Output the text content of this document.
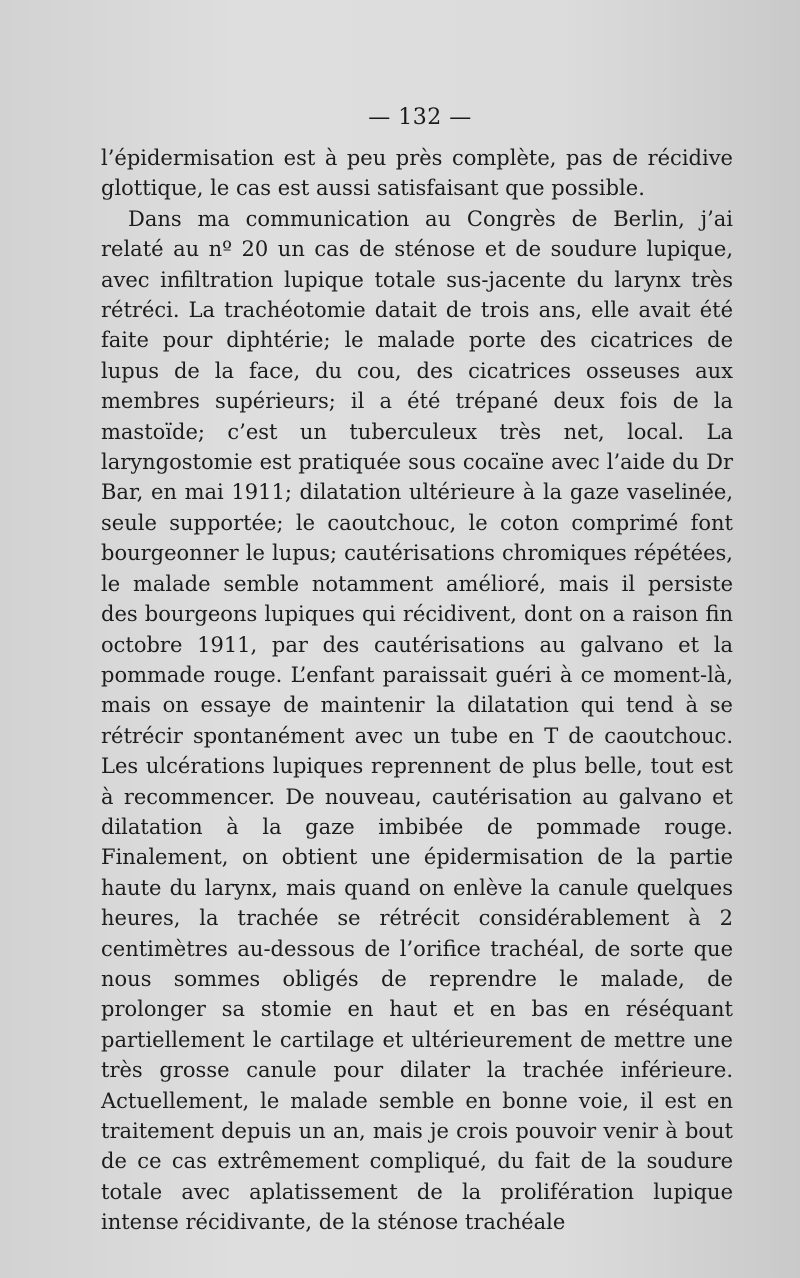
— 132 —

l’épidermisation est à peu près complète, pas de récidive glottique, le cas est aussi satisfaisant que possible.

Dans ma communication au Congrès de Berlin, j’ai relaté au nº 20 un cas de sténose et de soudure lupique, avec infiltration lupique totale sus-jacente du larynx très rétréci. La trachéotomie datait de trois ans, elle avait été faite pour diphtérie; le malade porte des cicatrices de lupus de la face, du cou, des cicatrices osseuses aux membres supérieurs; il a été trépané deux fois de la mastoïde; c’est un tuberculeux très net, local. La laryngostomie est pratiquée sous cocaïne avec l’aide du Dr Bar, en mai 1911; dilatation ultérieure à la gaze vaselinée, seule supportée; le caoutchouc, le coton comprimé font bourgeonner le lupus; cautérisations chromiques répétées, le malade semble notamment amélioré, mais il persiste des bourgeons lupiques qui récidivent, dont on a raison fin octobre 1911, par des cautérisations au galvano et la pommade rouge. L’enfant paraissait guéri à ce moment-là, mais on essaye de maintenir la dilatation qui tend à se rétrécir spontanément avec un tube en T de caoutchouc. Les ulcérations lupiques reprennent de plus belle, tout est à recommencer. De nouveau, cautérisation au galvano et dilatation à la gaze imbibée de pommade rouge. Finalement, on obtient une épidermisation de la partie haute du larynx, mais quand on enlève la canule quelques heures, la trachée se rétrécit considérablement à 2 centimètres au-dessous de l’orifice trachéal, de sorte que nous sommes obligés de reprendre le malade, de prolonger sa stomie en haut et en bas en réséquant partiellement le cartilage et ultérieurement de mettre une très grosse canule pour dilater la trachée inférieure. Actuellement, le malade semble en bonne voie, il est en traitement depuis un an, mais je crois pouvoir venir à bout de ce cas extrêmement compliqué, du fait de la soudure totale avec aplatissement de la prolifération lupique intense récidivante, de la sténose trachéale
